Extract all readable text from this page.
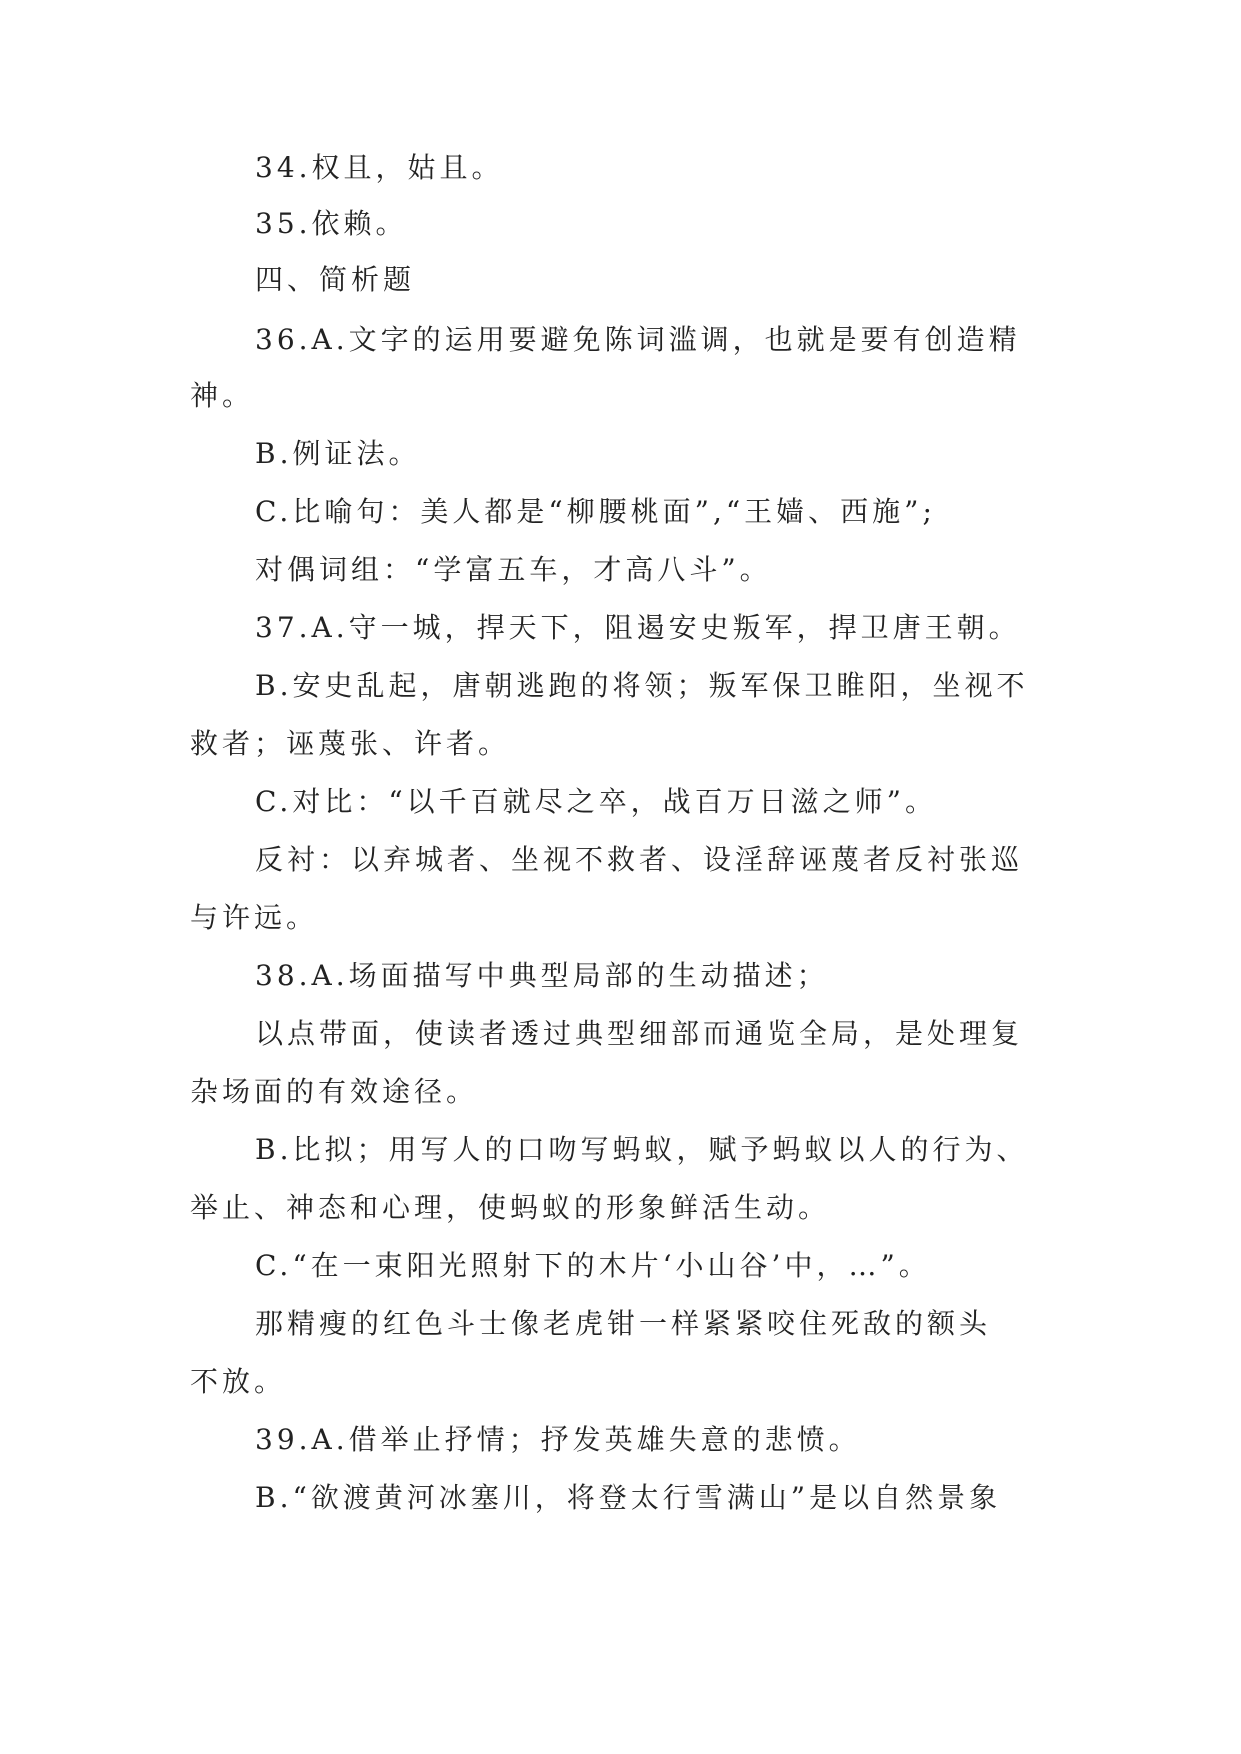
34.权且，姑且。

35.依赖。

四、简析题

36.A.文字的运用要避免陈词滥调，也就是要有创造精

神。

B.例证法。

C.比喻句：美人都是“柳腰桃面”,“王嫱、西施”;

对偶词组：“学富五车，才高八斗”。

37.A.守一城，捍天下，阻遏安史叛军，捍卫唐王朝。

B.安史乱起，唐朝逃跑的将领；叛军保卫睢阳，坐视不

救者；诬蔑张、许者。

C.对比：“以千百就尽之卒，战百万日滋之师”。

反衬：以弃城者、坐视不救者、设淫辞诬蔑者反衬张巡

与许远。

38.A.场面描写中典型局部的生动描述；

以点带面，使读者透过典型细部而通览全局，是处理复

杂场面的有效途径。

B.比拟；用写人的口吻写蚂蚁，赋予蚂蚁以人的行为、

举止、神态和心理，使蚂蚁的形象鲜活生动。

C.“在一束阳光照射下的木片‘小山谷’中，…”。

那精瘦的红色斗士像老虎钳一样紧紧咬住死敌的额头

不放。

39.A.借举止抒情；抒发英雄失意的悲愤。

B.“欲渡黄河冰塞川，将登太行雪满山”是以自然景象
